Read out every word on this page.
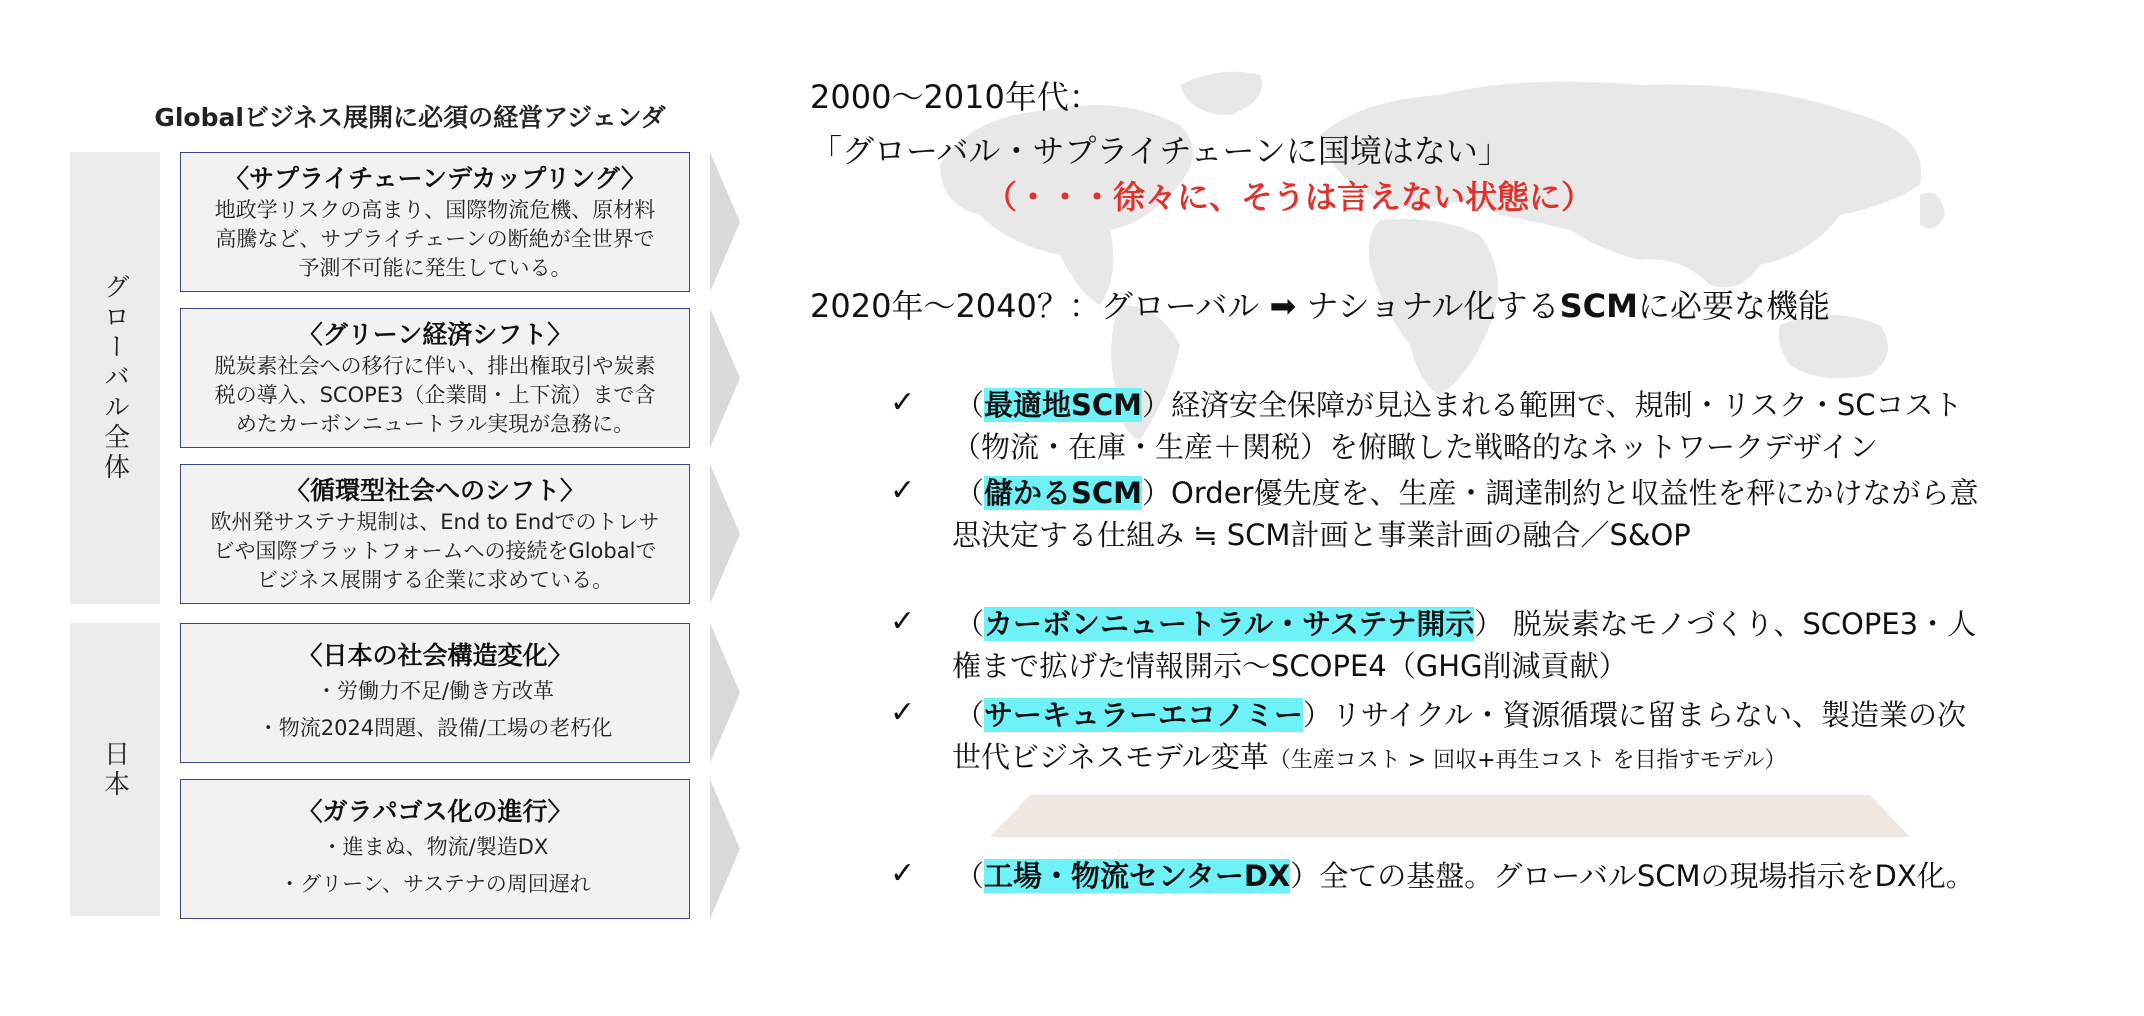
Globalビジネス展開に必須の経営アジェンダ
グローバル全体
日本
〈サプライチェーンデカップリング〉
地政学リスクの高まり、国際物流危機、原材料
高騰など、サプライチェーンの断絶が全世界で
予測不可能に発生している。
〈グリーン経済シフト〉
脱炭素社会への移行に伴い、排出権取引や炭素
税の導入、SCOPE3（企業間・上下流）まで含
めたカーボンニュートラル実現が急務に。
〈循環型社会へのシフト〉
欧州発サステナ規制は、End to Endでのトレサ
ビや国際プラットフォームへの接続をGlobalで
ビジネス展開する企業に求めている。
〈日本の社会構造変化〉
・労働力不足/働き方改革
・物流2024問題、設備/工場の老朽化
〈ガラパゴス化の進行〉
・進まぬ、物流/製造DX
・グリーン、サステナの周回遅れ
2000〜2010年代：
「グローバル・サプライチェーンに国境はない」
（・・・徐々に、そうは言えない状態に）
2020年〜2040？：グローバル ➡ ナショナル化するSCMに必要な機能
✓ （最適地SCM）経済安全保障が見込まれる範囲で、規制・リスク・SCコスト
（物流・在庫・生産＋関税）を俯瞰した戦略的なネットワークデザイン
✓ （儲かるSCM）Order優先度を、生産・調達制約と収益性を秤にかけながら意
思決定する仕組み ≒ SCM計画と事業計画の融合／S&OP
✓ （カーボンニュートラル・サステナ開示） 脱炭素なモノづくり、SCOPE3・人
権まで拡げた情報開示〜SCOPE4（GHG削減貢献）
✓ （サーキュラーエコノミー）リサイクル・資源循環に留まらない、製造業の次
世代ビジネスモデル変革（生産コスト > 回収+再生コスト を目指すモデル）
✓ （工場・物流センターDX）全ての基盤。グローバルSCMの現場指示をDX化。
